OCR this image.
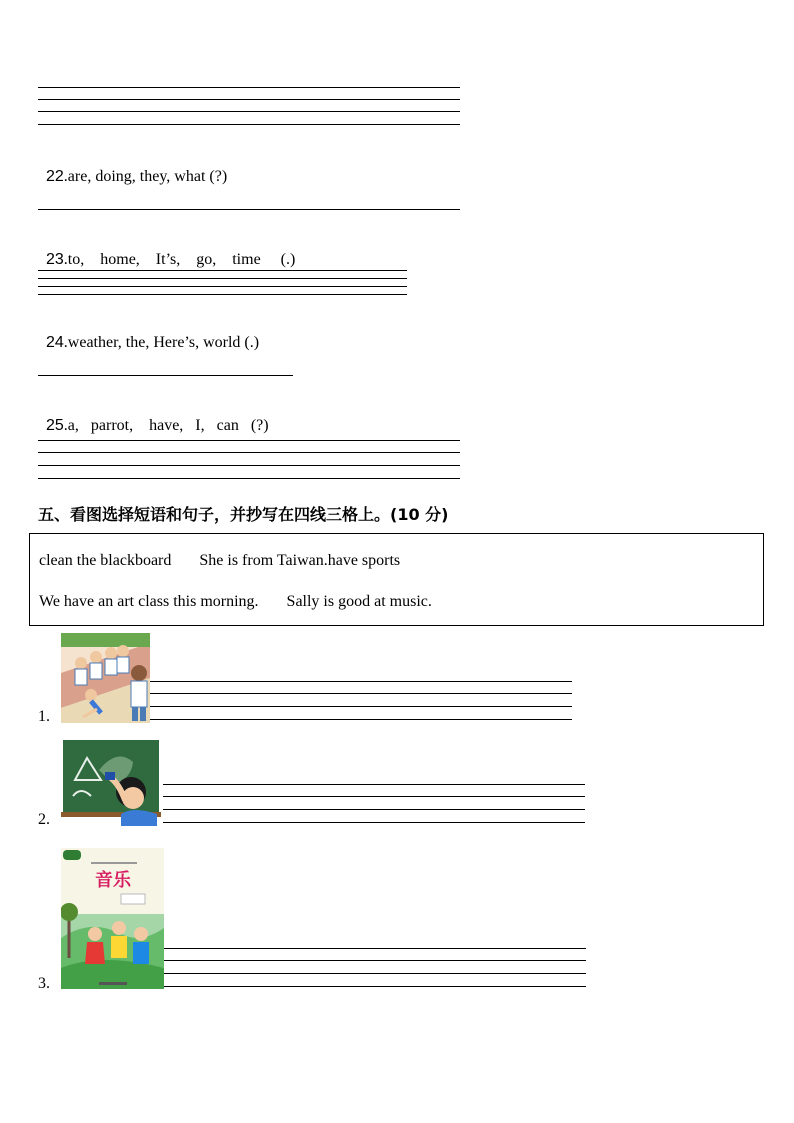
22.are, doing, they, what (?)

23.to,    home,    It’s,    go,    time     (.)

24.weather, the, Here’s, world (.)

25.a,   parrot,    have,   I,   can   (?)

五、看图选择短语和句子，并抄写在四线三格上。(10 分)
clean the blackboard       She is from Taiwan.have sports
We have an art class this morning.       Sally is good at music.
1.
2.
3.
音乐
